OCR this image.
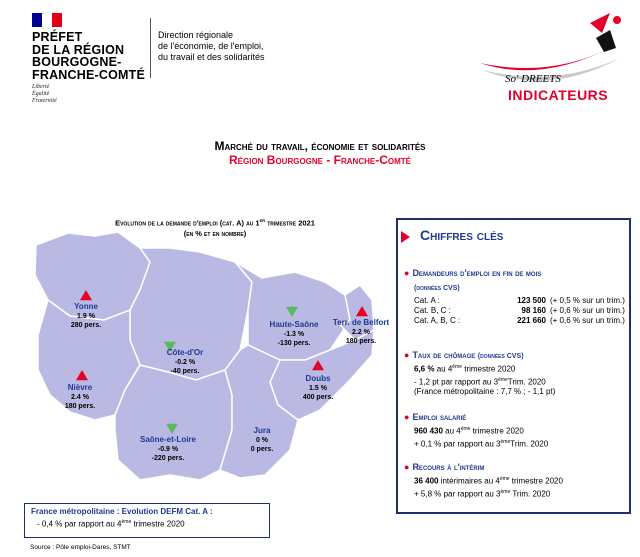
PRÉFET
DE LA RÉGION
BOURGOGNE-
FRANCHE-COMTÉ
Liberté
Égalité
Fraternité
Direction régionale
de l'économie, de l'emploi,
du travail et des solidarités
So' DREETS
INDICATEURS
Marché du travail, économie et solidarités
Région Bourgogne - Franche-Comté
Evolution de la demande d'emploi (cat. A) au 1er trimestre 2021
(en % et en nombre)
Yonne
1.9 %
280 pers.
Côte-d'Or
-0.2 %
-40 pers.
Haute-Saône
-1.3 %
-130 pers.
Terr. de Belfort
2.2 %
180 pers.
Nièvre
2.4 %
180 pers.
Doubs
1.5 %
400 pers.
Saône-et-Loire
-0.9 %
-220 pers.
Jura
0 %
0 pers.
Chiffres clés
● Demandeurs d'emploi en fin de mois
(données CVS)
Cat. A :	123 500 (+ 0,5 % sur un trim.)
Cat. B, C :	98 160 (+ 0,6 % sur un trim.)
Cat. A, B, C :	221 660 (+ 0,6 % sur un trim.)
● Taux de chômage (données CVS)
6,6 % au 4ème trimestre 2020
- 1,2 pt par rapport au 3èmeTrim. 2020
(France métropolitaine : 7,7 % ; - 1,1 pt)
● Emploi salarié
960 430 au 4ème trimestre 2020
+ 0,1 % par rapport au 3èmeTrim. 2020
● Recours à l'intérim
36 400 intérimaires au 4ème trimestre 2020
+ 5,8 % par rapport au 3ème Trim. 2020
France métropolitaine : Evolution DEFM Cat. A :
- 0,4 % par rapport au 4ème trimestre 2020
Source : Pôle emploi-Dares, STMT
